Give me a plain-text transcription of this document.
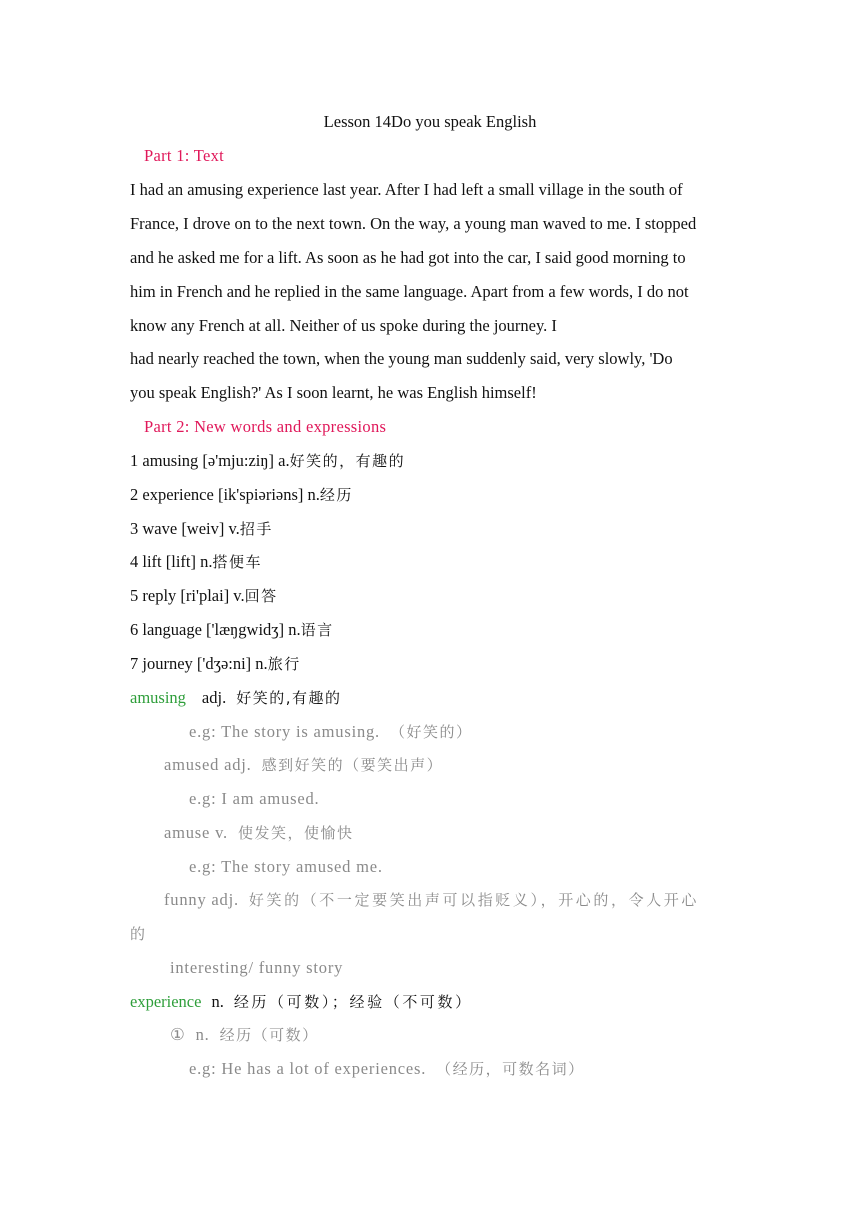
Lesson 14Do you speak English
Part 1: Text
I had an amusing experience last year. After I had left a small village in the south of
France, I drove on to the next town. On the way, a young man waved to me. I stopped
and he asked me for a lift. As soon as he had got into the car, I said good morning to
him in French and he replied in the same language. Apart from a few words, I do not
know any French at all. Neither of us spoke during the journey. I
had nearly reached the town, when the young man suddenly said, very slowly, 'Do
you speak English?' As I soon learnt, he was English himself!
Part 2: New words and expressions
1 amusing [ə'mju:ziŋ] a.好笑的，有趣的
2 experience [ik'spiəriəns] n.经历
3 wave [weiv] v.招手
4 lift [lift] n.搭便车
5 reply [ri'plai] v.回答
6 language ['læŋgwidʒ] n.语言
7 journey ['dʒə:ni] n.旅行
amusing adj. 好笑的,有趣的
e.g: The story is amusing. （好笑的）
amused adj. 感到好笑的（要笑出声）
e.g: I am amused.
amuse v. 使发笑，使愉快
e.g: The story amused me.
funny adj. 好笑的（不一定要笑出声可以指贬义），开心的，令人开心
的
interesting/ funny story
experience n. 经历（可数）；经验（不可数）
① n. 经历（可数）
e.g: He has a lot of experiences. （经历，可数名词）
